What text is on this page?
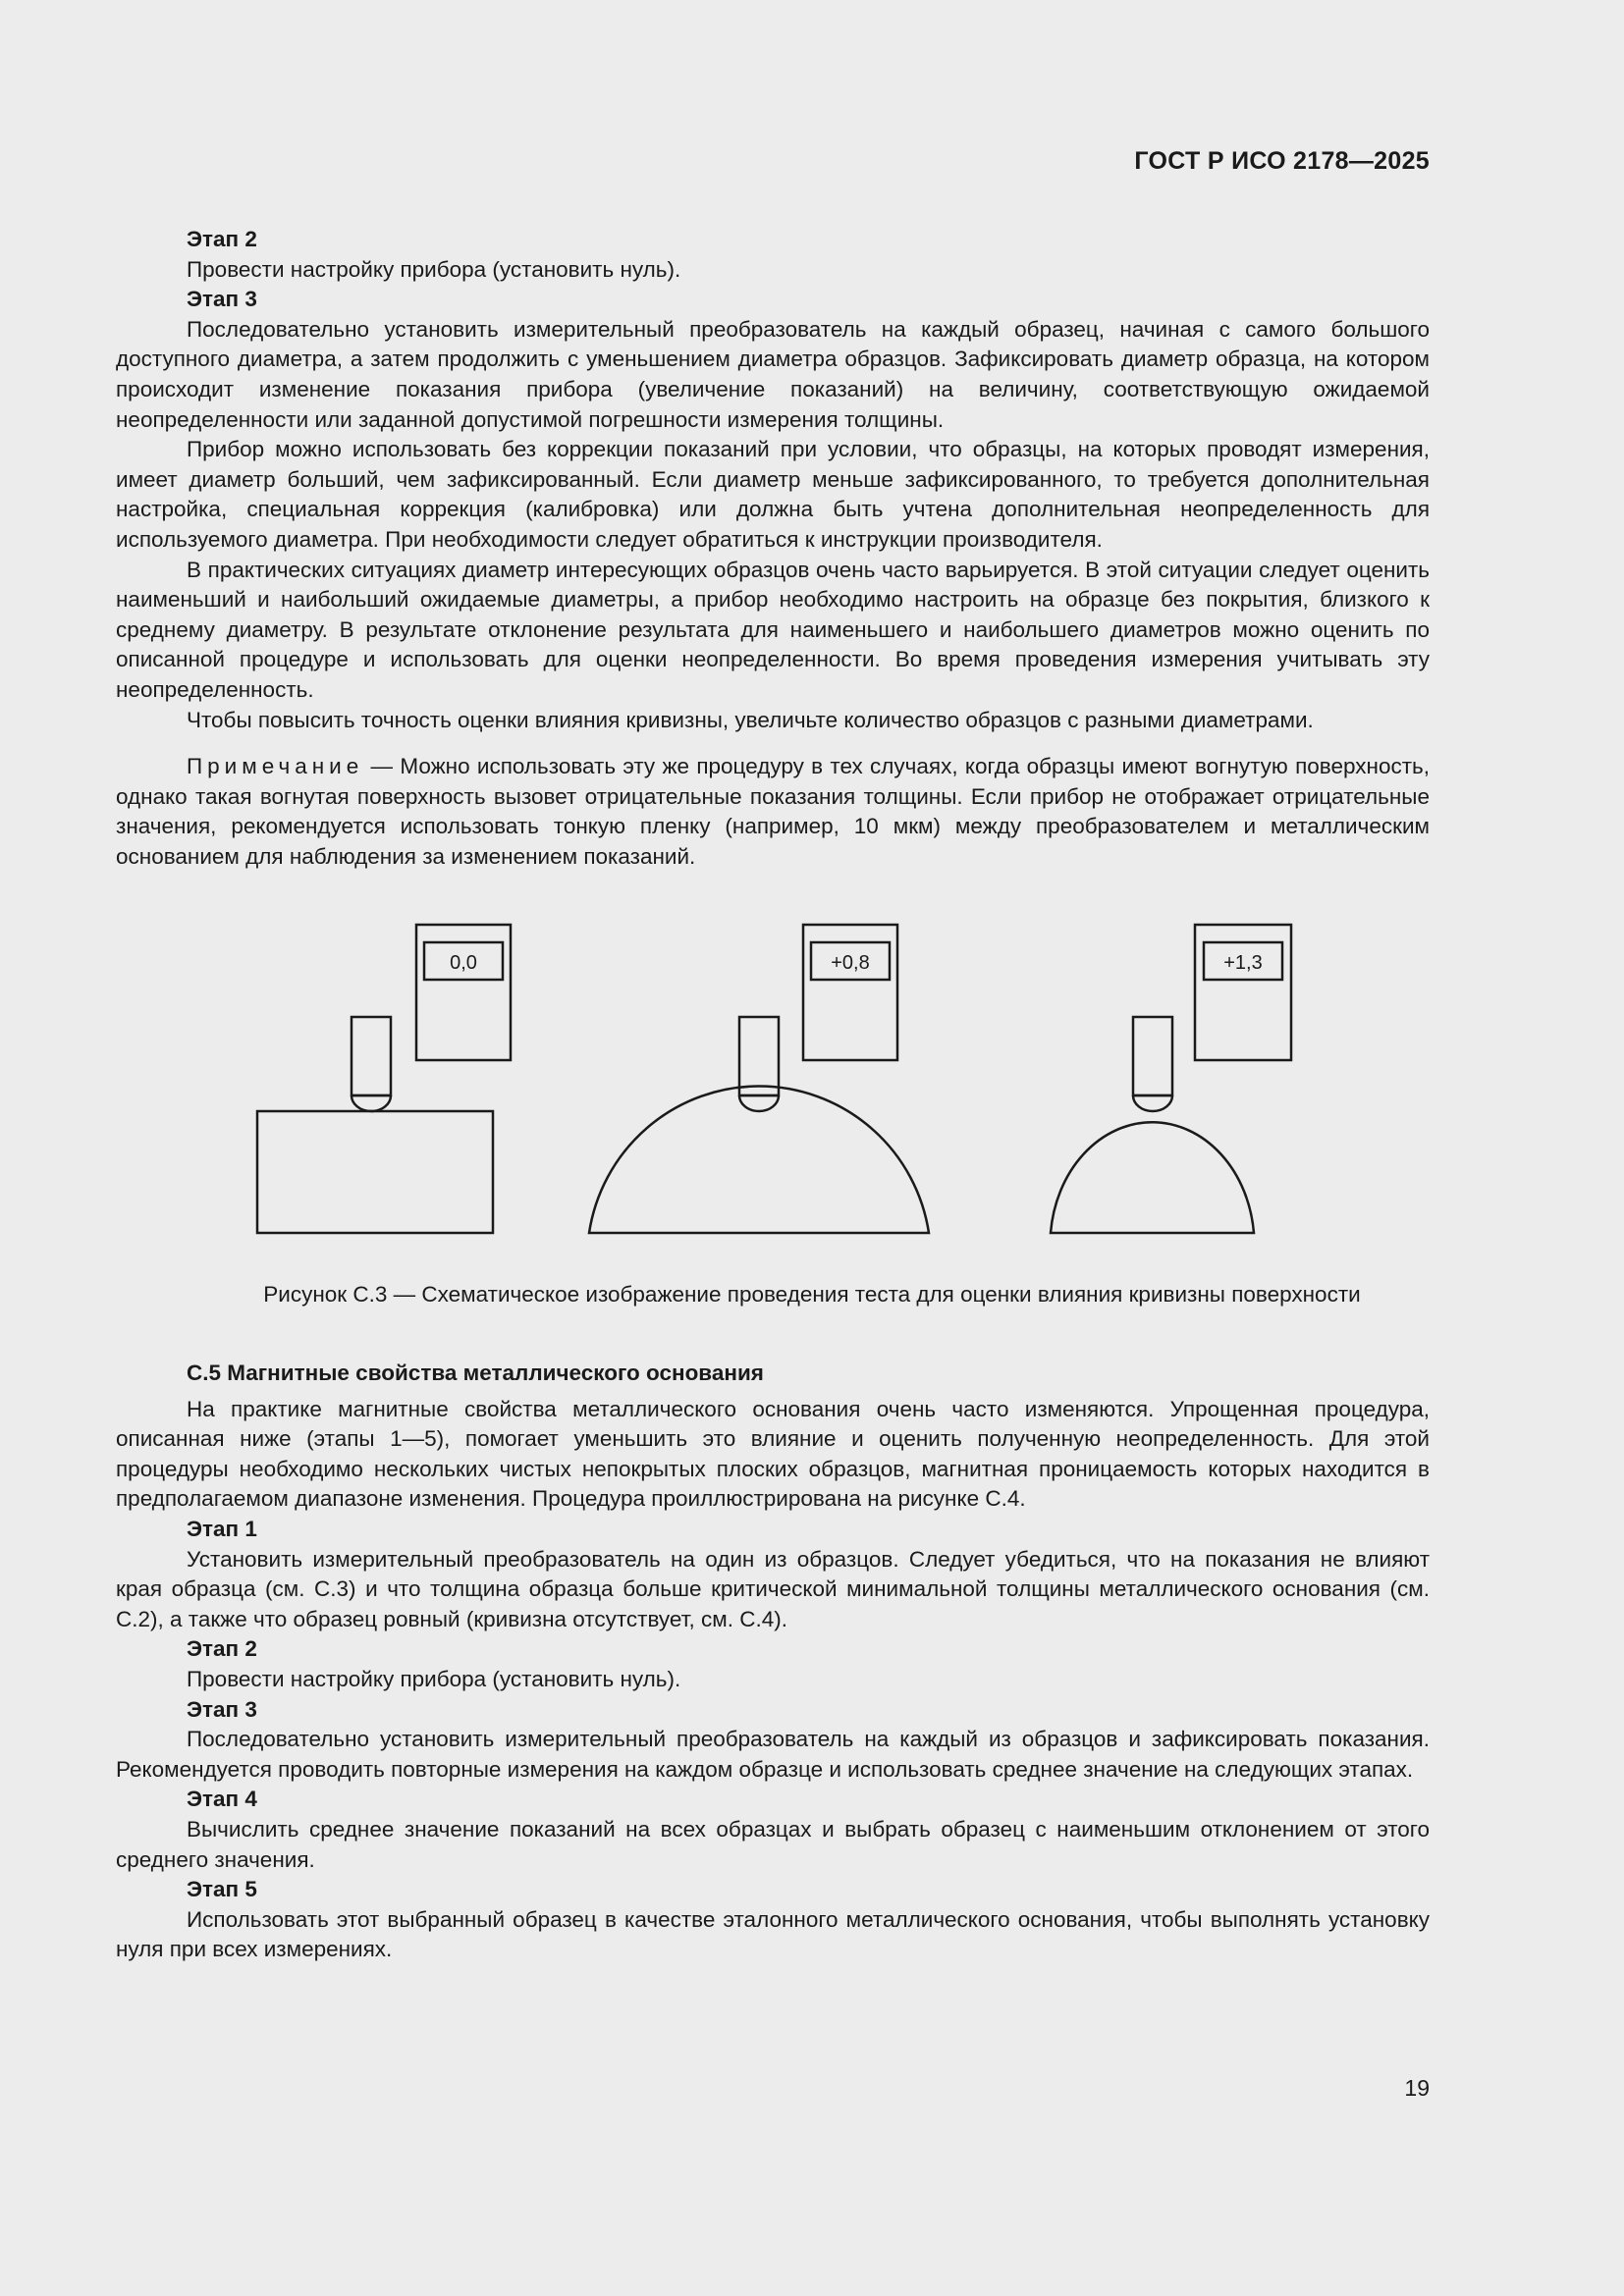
ГОСТ Р ИСО 2178—2025

Этап 2

Провести настройку прибора (установить нуль).

Этап 3

Последовательно установить измерительный преобразователь на каждый образец, начиная с самого большого доступного диаметра, а затем продолжить с уменьшением диаметра образцов. Зафиксировать диаметр образца, на котором происходит изменение показания прибора (увеличение показаний) на величину, соответствующую ожидаемой неопределенности или заданной допустимой погрешности измерения толщины.

Прибор можно использовать без коррекции показаний при условии, что образцы, на которых проводят измерения, имеет диаметр больший, чем зафиксированный. Если диаметр меньше зафиксированного, то требуется дополнительная настройка, специальная коррекция (калибровка) или должна быть учтена дополнительная неопределенность для используемого диаметра. При необходимости следует обратиться к инструкции производителя.

В практических ситуациях диаметр интересующих образцов очень часто варьируется. В этой ситуации следует оценить наименьший и наибольший ожидаемые диаметры, а прибор необходимо настроить на образце без покрытия, близкого к среднему диаметру. В результате отклонение результата для наименьшего и наибольшего диаметров можно оценить по описанной процедуре и использовать для оценки неопределенности. Во время проведения измерения учитывать эту неопределенность.

Чтобы повысить точность оценки влияния кривизны, увеличьте количество образцов с разными диаметрами.

Примечание — Можно использовать эту же процедуру в тех случаях, когда образцы имеют вогнутую поверхность, однако такая вогнутая поверхность вызовет отрицательные показания толщины. Если прибор не отображает отрицательные значения, рекомендуется использовать тонкую пленку (например, 10 мкм) между преобразователем и металлическим основанием для наблюдения за изменением показаний.

0,0	+0,8	+1,3
Рисунок С.3 — Схематическое изображение проведения теста для оценки влияния кривизны поверхности

С.5 Магнитные свойства металлического основания

На практике магнитные свойства металлического основания очень часто изменяются. Упрощенная процедура, описанная ниже (этапы 1—5), помогает уменьшить это влияние и оценить полученную неопределенность. Для этой процедуры необходимо нескольких чистых непокрытых плоских образцов, магнитная проницаемость которых находится в предполагаемом диапазоне изменения. Процедура проиллюстрирована на рисунке С.4.

Этап 1

Установить измерительный преобразователь на один из образцов. Следует убедиться, что на показания не влияют края образца (см. С.3) и что толщина образца больше критической минимальной толщины металлического основания (см. С.2), а также что образец ровный (кривизна отсутствует, см. С.4).

Этап 2

Провести настройку прибора (установить нуль).

Этап 3

Последовательно установить измерительный преобразователь на каждый из образцов и зафиксировать показания. Рекомендуется проводить повторные измерения на каждом образце и использовать среднее значение на следующих этапах.

Этап 4

Вычислить среднее значение показаний на всех образцах и выбрать образец с наименьшим отклонением от этого среднего значения.

Этап 5

Использовать этот выбранный образец в качестве эталонного металлического основания, чтобы выполнять установку нуля при всех измерениях.

19
